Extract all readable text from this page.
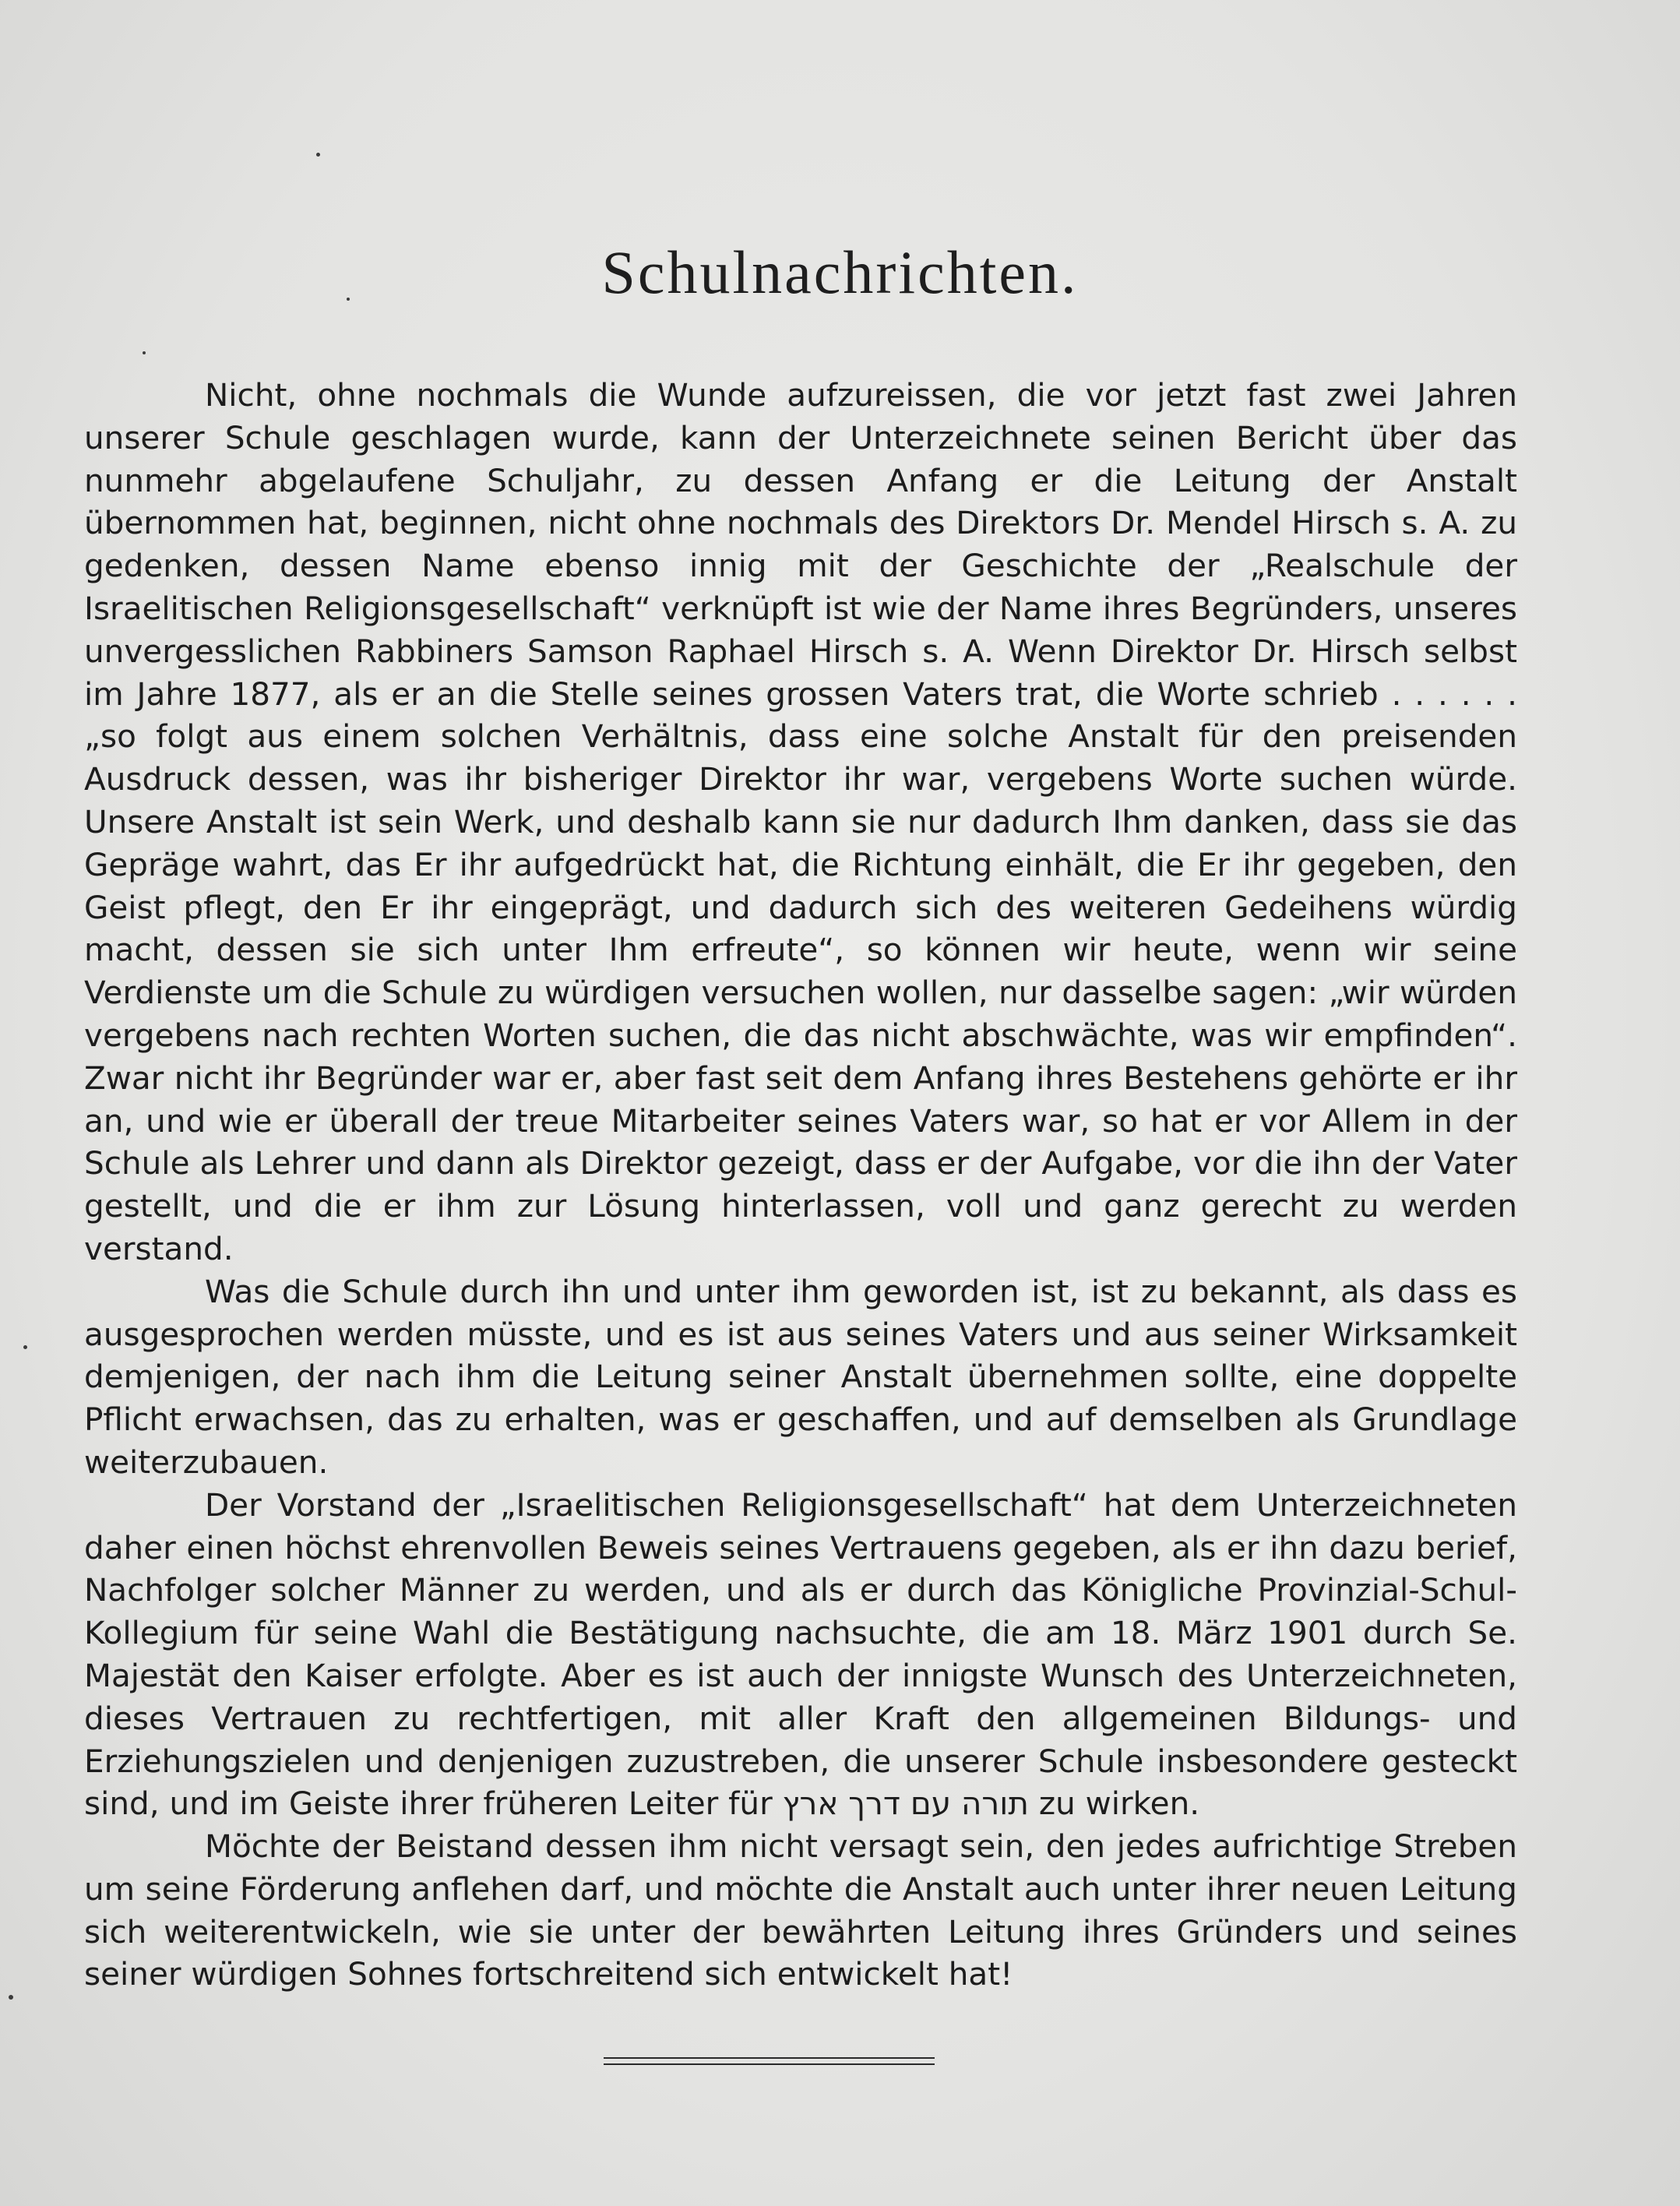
Schulnachrichten.

Nicht, ohne nochmals die Wunde aufzureissen, die vor jetzt fast zwei Jahren unserer Schule geschlagen wurde, kann der Unterzeichnete seinen Bericht über das nunmehr abgelaufene Schuljahr, zu dessen Anfang er die Leitung der Anstalt übernommen hat, beginnen, nicht ohne nochmals des Direktors Dr. Mendel Hirsch s. A. zu gedenken, dessen Name ebenso innig mit der Geschichte der „Realschule der Israelitischen Religionsgesellschaft“ verknüpft ist wie der Name ihres Begründers, unseres unvergesslichen Rabbiners Samson Raphael Hirsch s. A. Wenn Direktor Dr. Hirsch selbst im Jahre 1877, als er an die Stelle seines grossen Vaters trat, die Worte schrieb . . . . . . „so folgt aus einem solchen Verhältnis, dass eine solche Anstalt für den preisenden Ausdruck dessen, was ihr bisheriger Direktor ihr war, vergebens Worte suchen würde. Unsere Anstalt ist sein Werk, und deshalb kann sie nur dadurch Ihm danken, dass sie das Gepräge wahrt, das Er ihr aufgedrückt hat, die Richtung einhält, die Er ihr gegeben, den Geist pflegt, den Er ihr eingeprägt, und dadurch sich des weiteren Gedeihens würdig macht, dessen sie sich unter Ihm erfreute“, so können wir heute, wenn wir seine Verdienste um die Schule zu würdigen versuchen wollen, nur dasselbe sagen: „wir würden vergebens nach rechten Worten suchen, die das nicht abschwächte, was wir empfinden“. Zwar nicht ihr Begründer war er, aber fast seit dem Anfang ihres Bestehens gehörte er ihr an, und wie er überall der treue Mitarbeiter seines Vaters war, so hat er vor Allem in der Schule als Lehrer und dann als Direktor gezeigt, dass er der Aufgabe, vor die ihn der Vater gestellt, und die er ihm zur Lösung hinterlassen, voll und ganz gerecht zu werden verstand.

Was die Schule durch ihn und unter ihm geworden ist, ist zu bekannt, als dass es ausgesprochen werden müsste, und es ist aus seines Vaters und aus seiner Wirksamkeit demjenigen, der nach ihm die Leitung seiner Anstalt übernehmen sollte, eine doppelte Pflicht erwachsen, das zu erhalten, was er geschaffen, und auf demselben als Grundlage weiterzubauen.

Der Vorstand der „Israelitischen Religionsgesellschaft“ hat dem Unterzeichneten daher einen höchst ehrenvollen Beweis seines Vertrauens gegeben, als er ihn dazu berief, Nachfolger solcher Männer zu werden, und als er durch das Königliche Provinzial-Schul-Kollegium für seine Wahl die Bestätigung nachsuchte, die am 18. März 1901 durch Se. Majestät den Kaiser erfolgte. Aber es ist auch der innigste Wunsch des Unterzeichneten, dieses Vertrauen zu rechtfertigen, mit aller Kraft den allgemeinen Bildungs- und Erziehungszielen und denjenigen zuzustreben, die unserer Schule insbesondere gesteckt sind, und im Geiste ihrer früheren Leiter für תורה עם דרך ארץ zu wirken.

Möchte der Beistand dessen ihm nicht versagt sein, den jedes aufrichtige Streben um seine Förderung anflehen darf, und möchte die Anstalt auch unter ihrer neuen Leitung sich weiterentwickeln, wie sie unter der bewährten Leitung ihres Gründers und seines seiner würdigen Sohnes fortschreitend sich entwickelt hat!
